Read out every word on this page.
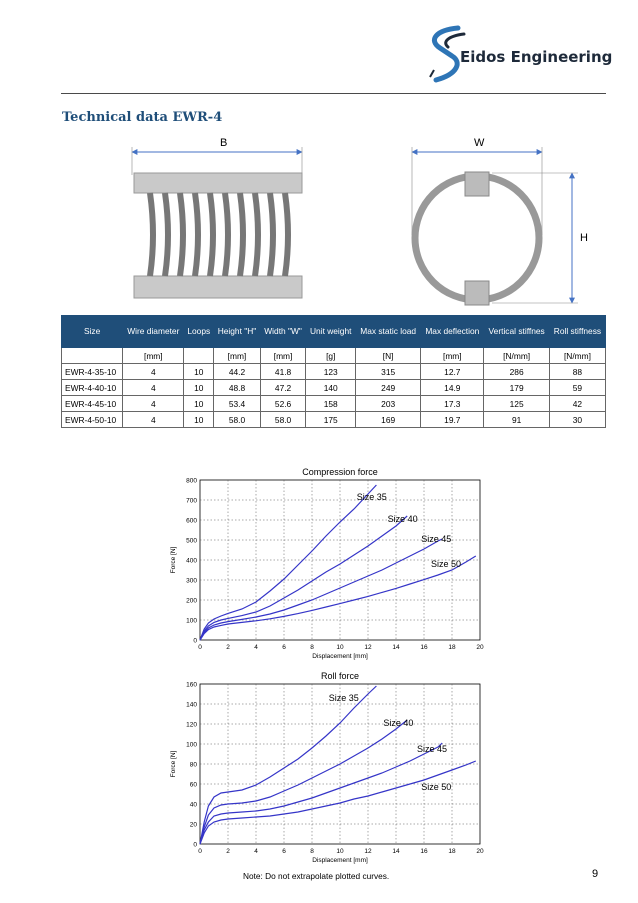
Eidos Engineering
Technical data EWR-4
B	W
H
Size	Wire diameter	Loops	Height "H"	Width "W"	Unit weight	Max static load	Max deflection	Vertical stiffnes	Roll stiffness
	[mm]		[mm]	[mm]	[g]	[N]	[mm]	[N/mm]	[N/mm]
EWR-4-35-10	4	10	44.2	41.8	123	315	12.7	286	88
EWR-4-40-10	4	10	48.8	47.2	140	249	14.9	179	59
EWR-4-45-10	4	10	53.4	52.6	158	203	17.3	125	42
EWR-4-50-10	4	10	58.0	58.0	175	169	19.7	91	30
0	2	4	6	8	10	12	14	16	18	20
0
100
200
300
400
500
600
700
800
Compression force
Displacement [mm]
Force [N]
Size 35
Size 40
Size 45
Size 50
0	2	4	6	8	10	12	14	16	18	20
0
20
40
60
80
100
120
140
160
Roll force
Displacement [mm]
Force [N]
Size 35
Size 40
Size 45
Size 50
Note: Do not extrapolate plotted curves.	9
